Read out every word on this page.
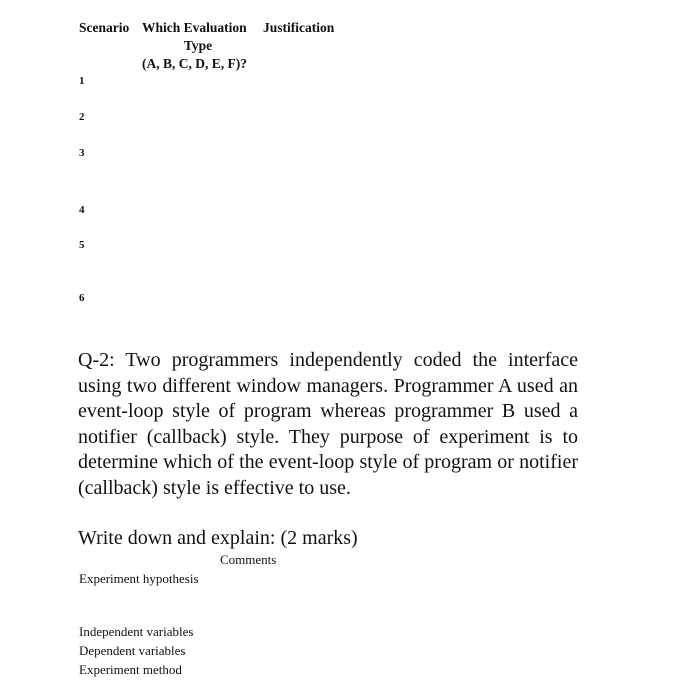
Scenario Which Evaluation Justification
Type
(A, B, C, D, E, F)?
1
2
3
4
5
6

Q-2: Two programmers independently coded the interface using two different window managers. Programmer A used an event-loop style of program whereas programmer B used a notifier (callback) style. They purpose of experiment is to determine which of the event-loop style of program or notifier (callback) style is effective to use.

Write down and explain: (2 marks)
Comments
Experiment hypothesis
Independent variables
Dependent variables
Experiment method
